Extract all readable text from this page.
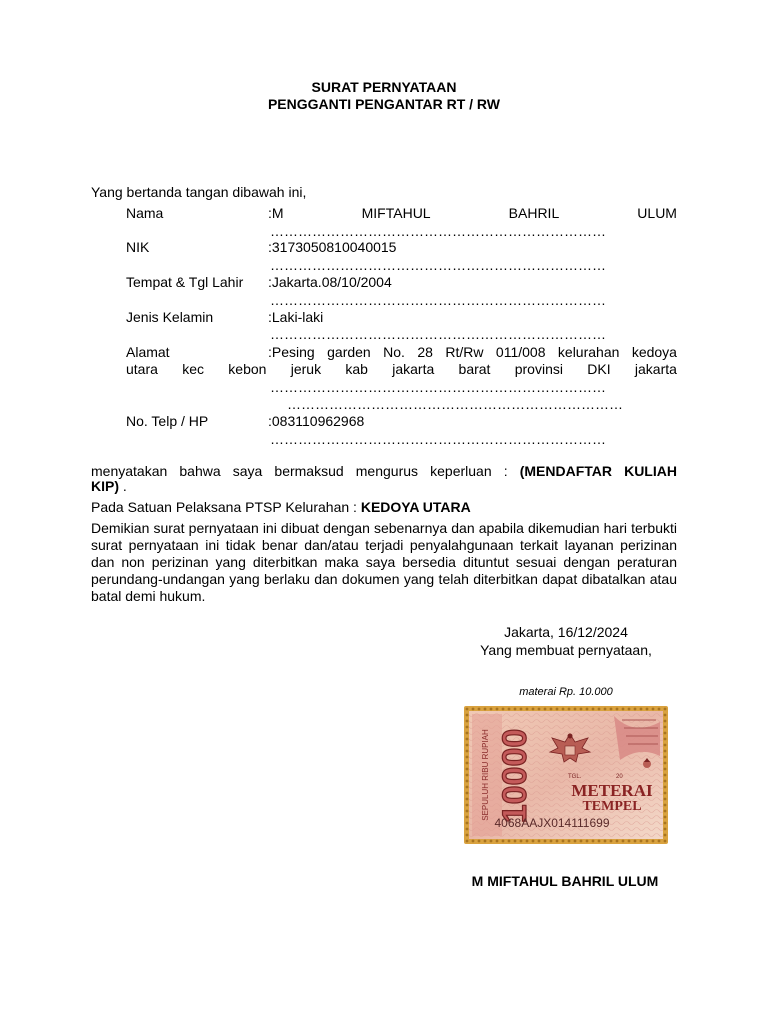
SURAT PERNYATAAN
PENGGANTI PENGANTAR RT / RW
Yang bertanda tangan dibawah ini,
Nama	:M	MIFTAHUL	BAHRIL	ULUM
………………………………………………………………
NIK	:3173050810040015
………………………………………………………………
Tempat & Tgl Lahir :Jakarta.08/10/2004
………………………………………………………………
Jenis Kelamin	:Laki-laki
………………………………………………………………
Alamat	:Pesing garden No. 28 Rt/Rw 011/008 kelurahan kedoya
utara kec kebon jeruk kab jakarta barat provinsi DKI jakarta
………………………………………………………………
………………………………………………………………
No. Telp / HP	:083110962968
………………………………………………………………
menyatakan bahwa saya bermaksud mengurus keperluan : (MENDAFTAR KULIAH
KIP) .
Pada Satuan Pelaksana PTSP Kelurahan : KEDOYA UTARA
Demikian surat pernyataan ini dibuat dengan sebenarnya dan apabila dikemudian hari terbukti surat pernyataan ini tidak benar dan/atau terjadi penyalahgunaan terkait layanan perizinan dan non perizinan yang diterbitkan maka saya bersedia dituntut sesuai dengan peraturan perundang-undangan yang berlaku dan dokumen yang telah diterbitkan dapat dibatalkan atau batal demi hukum.
Jakarta, 16/12/2024
Yang membuat pernyataan,
materai Rp. 10.000
SEPULUH RIBU RUPIAH 10000	TGL.	20
METERAI
TEMPEL
4068AAJX014111699
M MIFTAHUL BAHRIL ULUM
